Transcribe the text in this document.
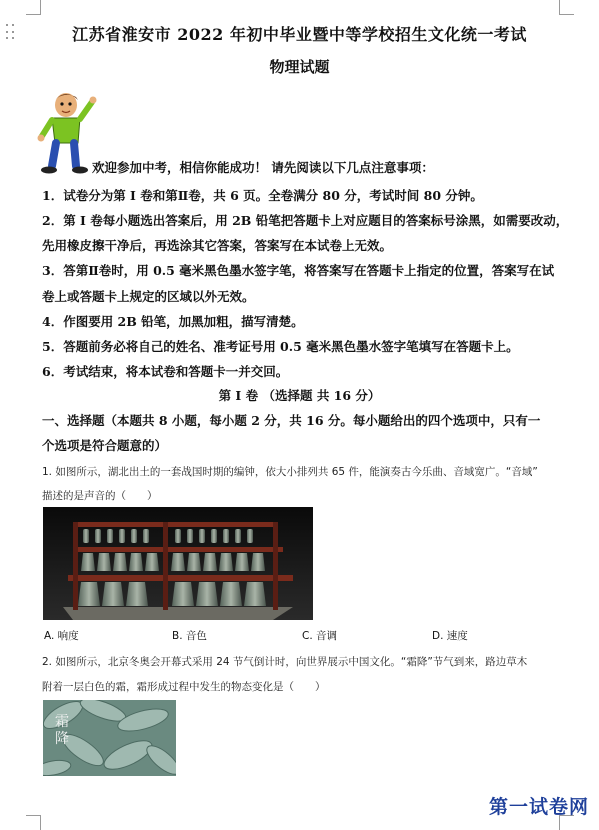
江苏省淮安市 2022 年初中毕业暨中等学校招生文化统一考试
物理试题
欢迎参加中考，相信你能成功！ 请先阅读以下几点注意事项：
1．试卷分为第 I 卷和第Ⅱ卷，共 6 页。全卷满分 80 分，考试时间 80 分钟。
2．第 I 卷每小题选出答案后，用 2B 铅笔把答题卡上对应题目的答案标号涂黑，如需要改动，
先用橡皮擦干净后，再选涂其它答案，答案写在本试卷上无效。
3．答第Ⅱ卷时，用 0.5 毫米黑色墨水签字笔，将答案写在答题卡上指定的位置，答案写在试
卷上或答题卡上规定的区域以外无效。
4．作图要用 2B 铅笔，加黑加粗，描写清楚。
5．答题前务必将自己的姓名、准考证号用 0.5 毫米黑色墨水签字笔填写在答题卡上。
6．考试结束，将本试卷和答题卡一并交回。
第 I 卷 （选择题 共 16 分）
一、选择题（本题共 8 小题，每小题 2 分，共 16 分。每小题给出的四个选项中，只有一
个选项是符合题意的）
1. 如图所示，湖北出土的一套战国时期的编钟，依大小排列共 65 件，能演奏古今乐曲、音域宽广。“音域”
描述的是声音的（　　）
A. 响度	B. 音色	C. 音调	D. 速度
2. 如图所示，北京冬奥会开幕式采用 24 节气倒计时，向世界展示中国文化。“霜降”节气到来，路边草木
附着一层白色的霜，霜形成过程中发生的物态变化是（　　）
霜降
第一试卷网
